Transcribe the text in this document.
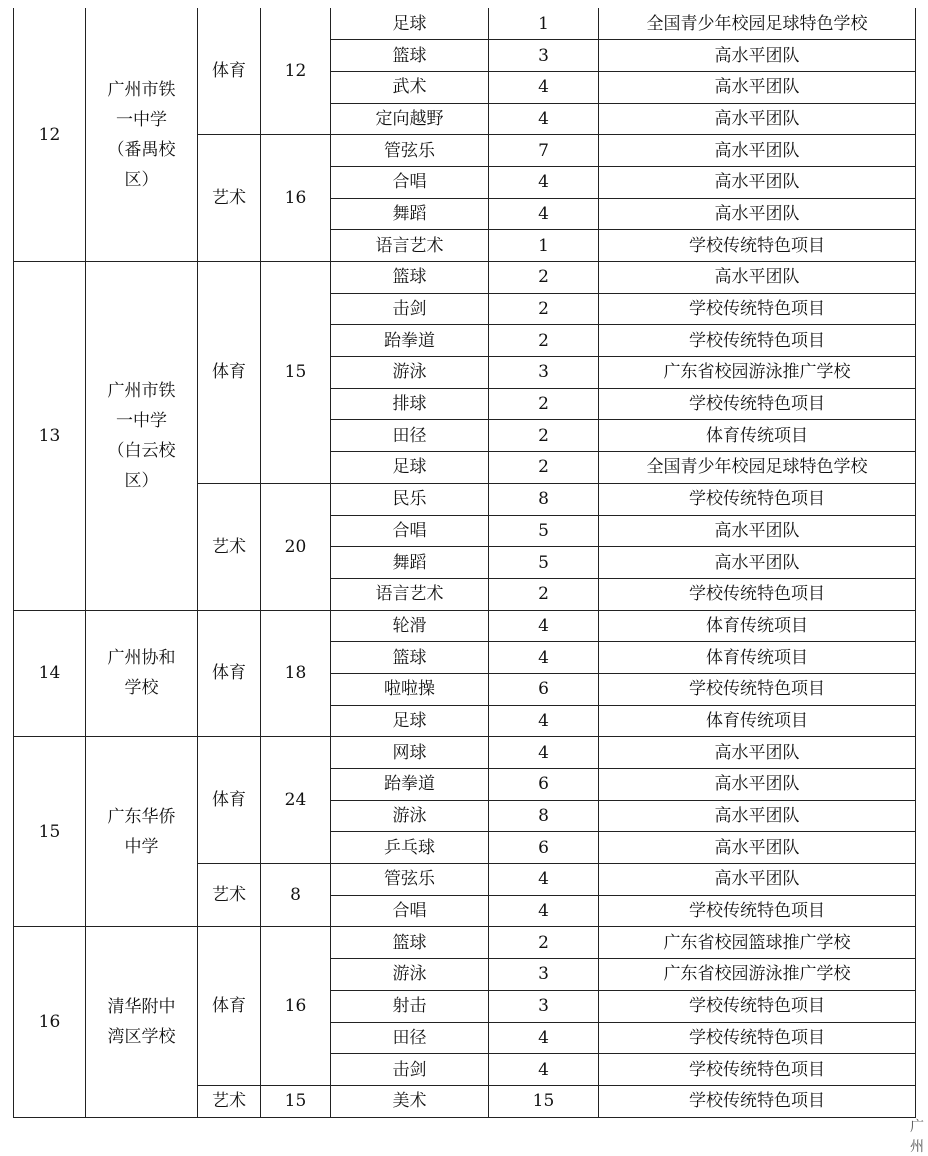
12	广州市铁一中学（番禺校区）	体育	12	足球	1	全国青少年校园足球特色学校
				篮球	3	高水平团队
				武术	4	高水平团队
				定向越野	4	高水平团队
		艺术	16	管弦乐	7	高水平团队
				合唱	4	高水平团队
				舞蹈	4	高水平团队
				语言艺术	1	学校传统特色项目
13	广州市铁一中学（白云校区）	体育	15	篮球	2	高水平团队
				击剑	2	学校传统特色项目
				跆拳道	2	学校传统特色项目
				游泳	3	广东省校园游泳推广学校
				排球	2	学校传统特色项目
				田径	2	体育传统项目
				足球	2	全国青少年校园足球特色学校
		艺术	20	民乐	8	学校传统特色项目
				合唱	5	高水平团队
				舞蹈	5	高水平团队
				语言艺术	2	学校传统特色项目
14	广州协和学校	体育	18	轮滑	4	体育传统项目
				篮球	4	体育传统项目
				啦啦操	6	学校传统特色项目
				足球	4	体育传统项目
15	广东华侨中学	体育	24	网球	4	高水平团队
				跆拳道	6	高水平团队
				游泳	8	高水平团队
				乒乓球	6	高水平团队
		艺术	8	管弦乐	4	高水平团队
				合唱	4	学校传统特色项目
16	清华附中湾区学校	体育	16	篮球	2	广东省校园篮球推广学校
				游泳	3	广东省校园游泳推广学校
				射击	3	学校传统特色项目
				田径	4	学校传统特色项目
				击剑	4	学校传统特色项目
		艺术	15	美术	15	学校传统特色项目
广州
